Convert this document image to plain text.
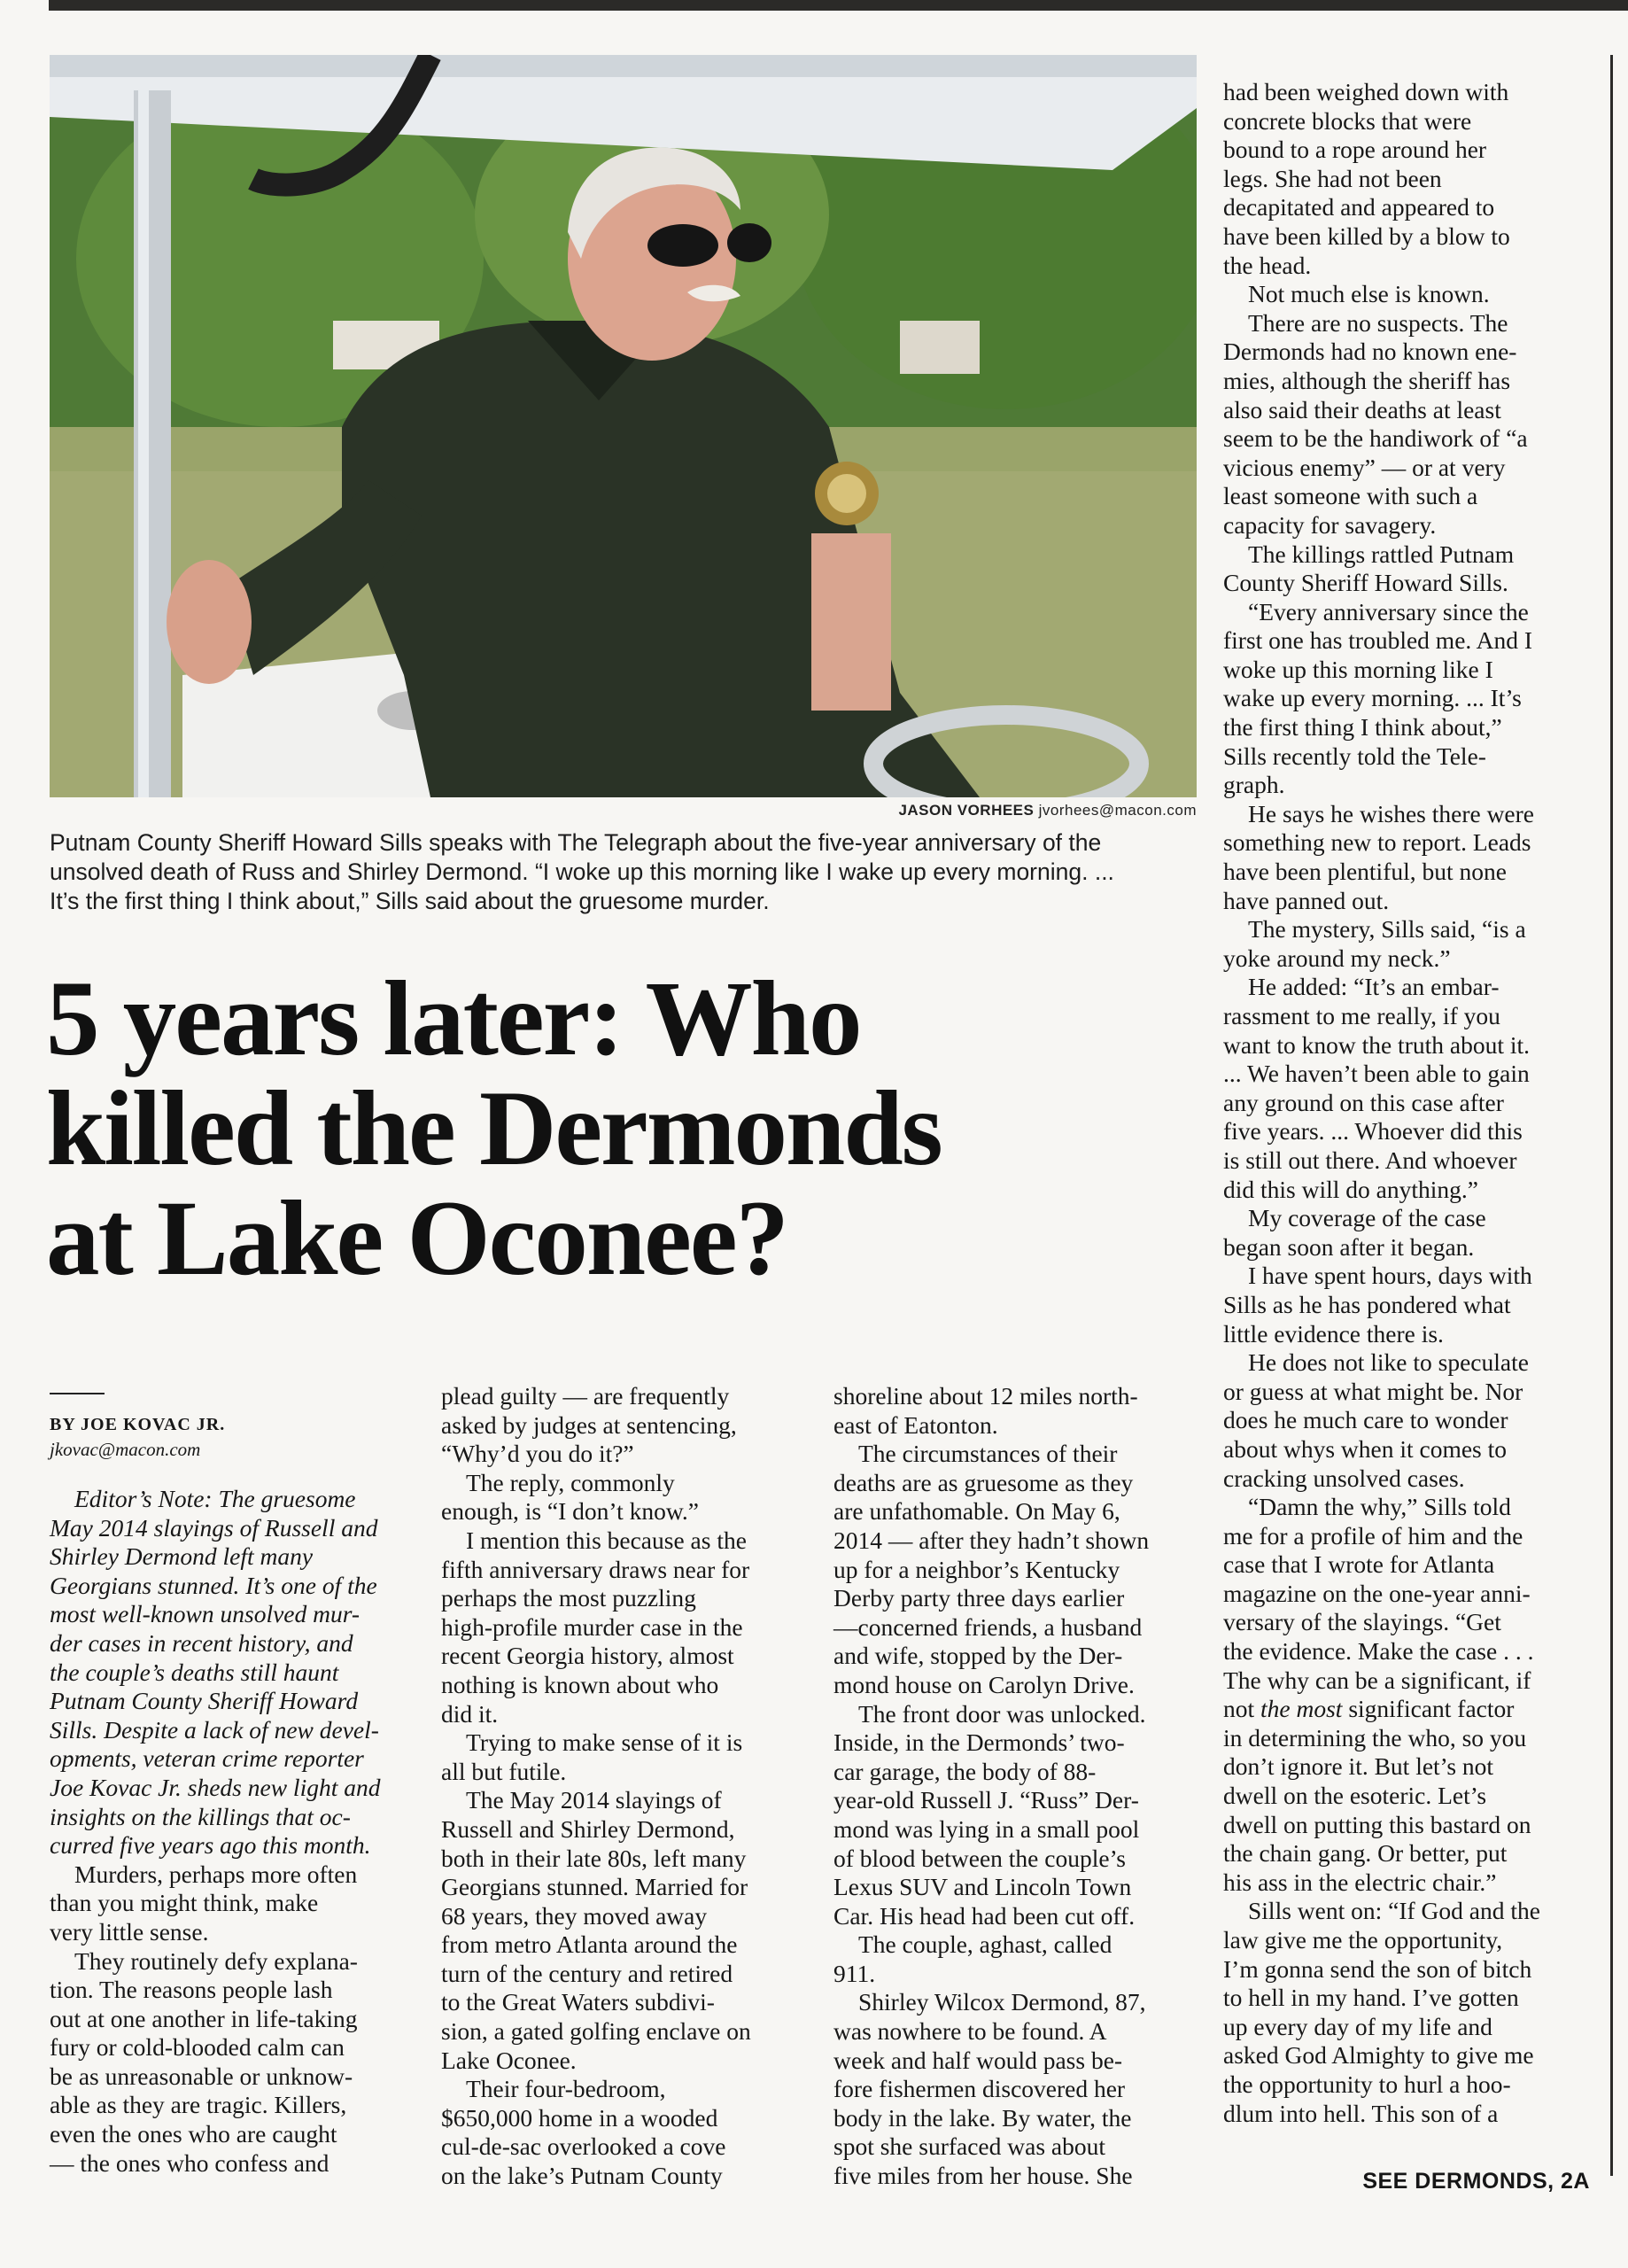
JASON VORHEES jvorhees@macon.com

Putnam County Sheriff Howard Sills speaks with The Telegraph about the five-year anniversary of the

unsolved death of Russ and Shirley Dermond. “I woke up this morning like I wake up every morning. ...

It’s the first thing I think about,” Sills said about the gruesome murder.

5 years later: Who
killed the Dermonds
at Lake Oconee?
BY JOE KOVAC JR.
jkovac@macon.com
Editor’s Note: The gruesome
May 2014 slayings of Russell and
Shirley Dermond left many
Georgians stunned. It’s one of the
most well-known unsolved mur-
der cases in recent history, and
the couple’s deaths still haunt
Putnam County Sheriff Howard
Sills. Despite a lack of new devel-
opments, veteran crime reporter
Joe Kovac Jr. sheds new light and
insights on the killings that oc-
curred five years ago this month.
Murders, perhaps more often
than you might think, make
very little sense.
They routinely defy explana-
tion. The reasons people lash
out at one another in life-taking
fury or cold-blooded calm can
be as unreasonable or unknow-
able as they are tragic. Killers,
even the ones who are caught
— the ones who confess and
plead guilty — are frequently
asked by judges at sentencing,
“Why’d you do it?”
The reply, commonly
enough, is “I don’t know.”
I mention this because as the
fifth anniversary draws near for
perhaps the most puzzling
high-profile murder case in the
recent Georgia history, almost
nothing is known about who
did it.
Trying to make sense of it is
all but futile.
The May 2014 slayings of
Russell and Shirley Dermond,
both in their late 80s, left many
Georgians stunned. Married for
68 years, they moved away
from metro Atlanta around the
turn of the century and retired
to the Great Waters subdivi-
sion, a gated golfing enclave on
Lake Oconee.
Their four-bedroom,
$650,000 home in a wooded
cul-de-sac overlooked a cove
on the lake’s Putnam County
shoreline about 12 miles north-
east of Eatonton.
The circumstances of their
deaths are as gruesome as they
are unfathomable. On May 6,
2014 — after they hadn’t shown
up for a neighbor’s Kentucky
Derby party three days earlier
—concerned friends, a husband
and wife, stopped by the Der-
mond house on Carolyn Drive.
The front door was unlocked.
Inside, in the Dermonds’ two-
car garage, the body of 88-
year-old Russell J. “Russ” Der-
mond was lying in a small pool
of blood between the couple’s
Lexus SUV and Lincoln Town
Car. His head had been cut off.
The couple, aghast, called
911.
Shirley Wilcox Dermond, 87,
was nowhere to be found. A
week and half would pass be-
fore fishermen discovered her
body in the lake. By water, the
spot she surfaced was about
five miles from her house. She
had been weighed down with
concrete blocks that were
bound to a rope around her
legs. She had not been
decapitated and appeared to
have been killed by a blow to
the head.
Not much else is known.
There are no suspects. The
Dermonds had no known ene-
mies, although the sheriff has
also said their deaths at least
seem to be the handiwork of “a
vicious enemy” — or at very
least someone with such a
capacity for savagery.
The killings rattled Putnam
County Sheriff Howard Sills.
“Every anniversary since the
first one has troubled me. And I
woke up this morning like I
wake up every morning. ... It’s
the first thing I think about,”
Sills recently told the Tele-
graph.
He says he wishes there were
something new to report. Leads
have been plentiful, but none
have panned out.
The mystery, Sills said, “is a
yoke around my neck.”
He added: “It’s an embar-
rassment to me really, if you
want to know the truth about it.
... We haven’t been able to gain
any ground on this case after
five years. ... Whoever did this
is still out there. And whoever
did this will do anything.”
My coverage of the case
began soon after it began.
I have spent hours, days with
Sills as he has pondered what
little evidence there is.
He does not like to speculate
or guess at what might be. Nor
does he much care to wonder
about whys when it comes to
cracking unsolved cases.
“Damn the why,” Sills told
me for a profile of him and the
case that I wrote for Atlanta
magazine on the one-year anni-
versary of the slayings. “Get
the evidence. Make the case . . .
The why can be a significant, if
not the most significant factor
in determining the who, so you
don’t ignore it. But let’s not
dwell on the esoteric. Let’s
dwell on putting this bastard on
the chain gang. Or better, put
his ass in the electric chair.”
Sills went on: “If God and the
law give me the opportunity,
I’m gonna send the son of bitch
to hell in my hand. I’ve gotten
up every day of my life and
asked God Almighty to give me
the opportunity to hurl a hoo-
dlum into hell. This son of a
SEE DERMONDS, 2A
